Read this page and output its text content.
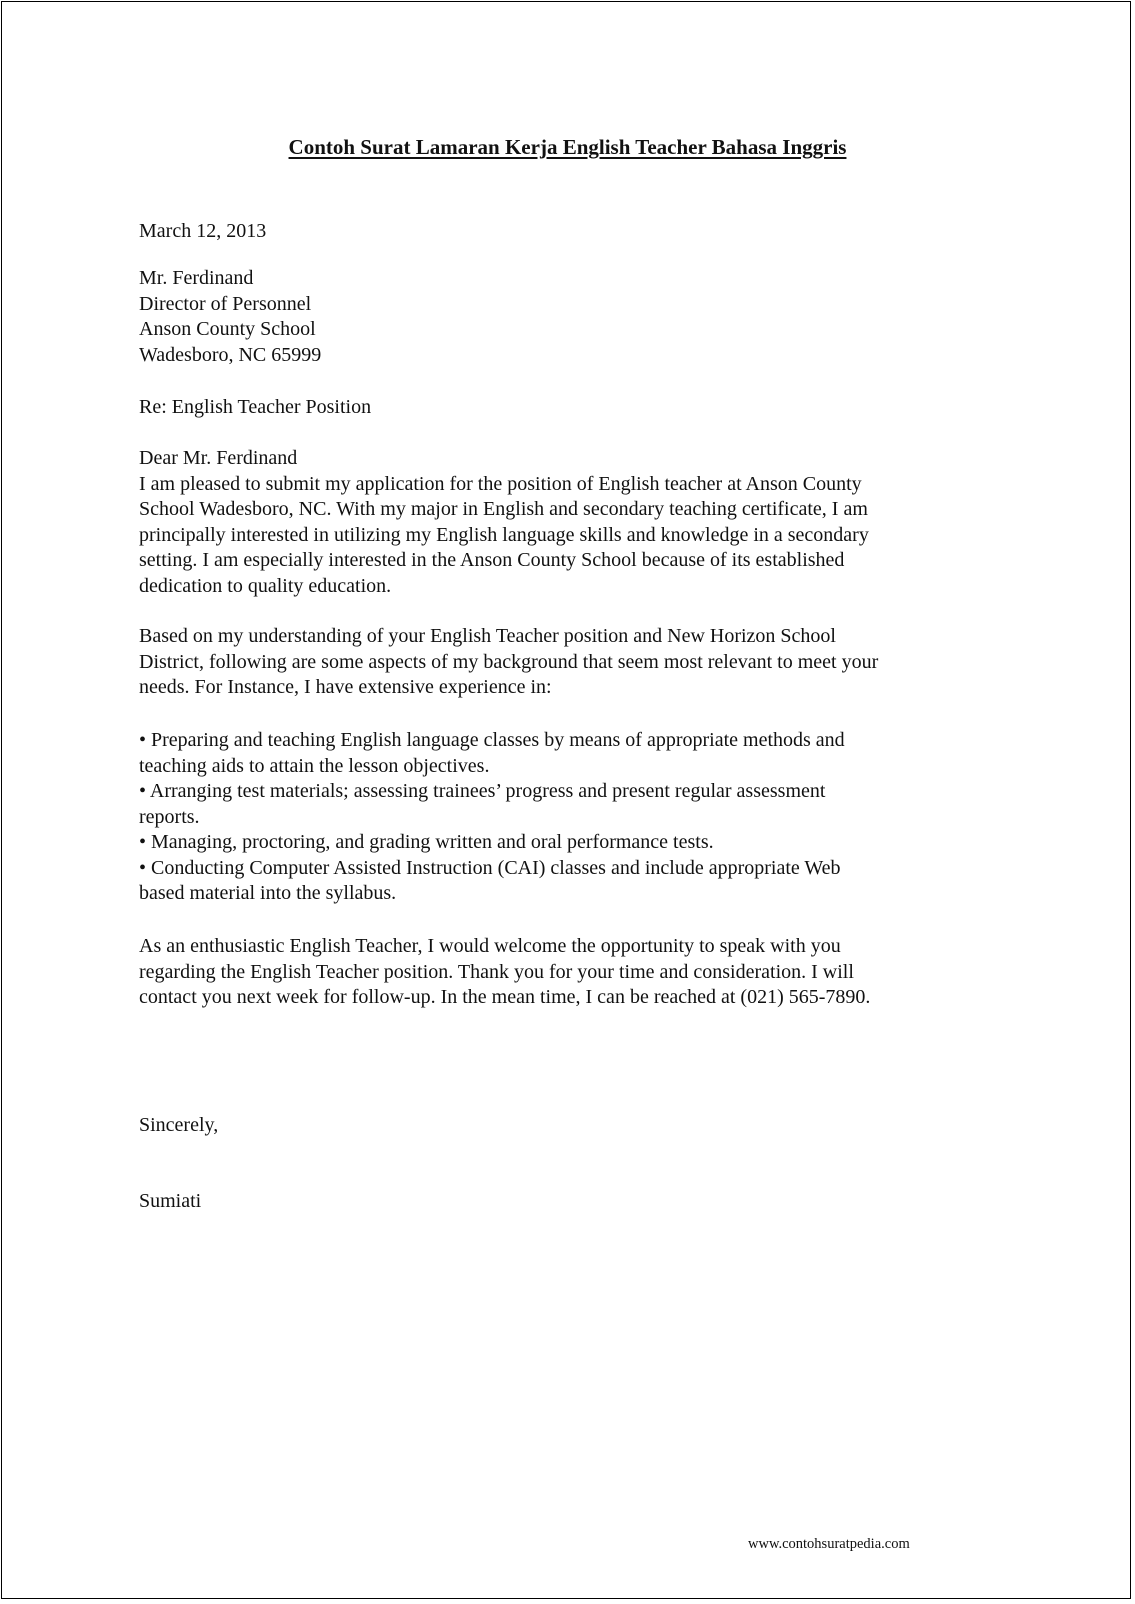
Contoh Surat Lamaran Kerja English Teacher Bahasa Inggris
March 12, 2013
Mr. Ferdinand
Director of Personnel
Anson County School
Wadesboro, NC 65999
Re: English Teacher Position
Dear Mr. Ferdinand
I am pleased to submit my application for the position of English teacher at Anson County
School Wadesboro, NC. With my major in English and secondary teaching certificate, I am
principally interested in utilizing my English language skills and knowledge in a secondary
setting. I am especially interested in the Anson County School because of its established
dedication to quality education.
Based on my understanding of your English Teacher position and New Horizon School
District, following are some aspects of my background that seem most relevant to meet your
needs. For Instance, I have extensive experience in:
• Preparing and teaching English language classes by means of appropriate methods and
teaching aids to attain the lesson objectives.
• Arranging test materials; assessing trainees’ progress and present regular assessment
reports.
• Managing, proctoring, and grading written and oral performance tests.
• Conducting Computer Assisted Instruction (CAI) classes and include appropriate Web
based material into the syllabus.
As an enthusiastic English Teacher, I would welcome the opportunity to speak with you
regarding the English Teacher position. Thank you for your time and consideration. I will
contact you next week for follow-up. In the mean time, I can be reached at (021) 565-7890.
Sincerely,
Sumiati
www.contohsuratpedia.com
